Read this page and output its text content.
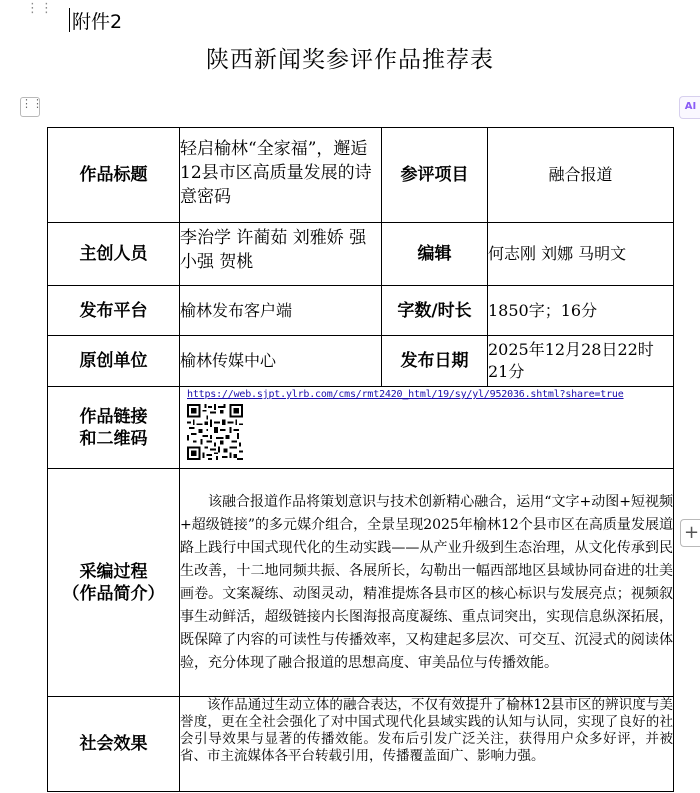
⋮⋮
附件2
陕西新闻奖参评作品推荐表
⋮⋮	AI
+
作品标题	轻启榆林“全家福”，邂逅12县市区高质量发展的诗意密码	参评项目	融合报道
主创人员	李治学 许蔺茹 刘雅娇 强小强 贺桃	编辑	何志刚 刘娜 马明文
发布平台	榆林发布客户端	字数/时长	1850字；16分
原创单位	榆林传媒中心	发布日期	2025年12月28日22时21分

作品链接
和二维码	https://web.sjpt.ylrb.com/cms/rmt2420_html/19/sy/yl/952036.shtml?share=true		

采编过程
（作品简介）	该融合报道作品将策划意识与技术创新精心融合，运用“文字+动图+短视频+超级链接”的多元媒介组合，全景呈现2025年榆林12个县市区在高质量发展道路上践行中国式现代化的生动实践——从产业升级到生态治理，从文化传承到民生改善，十二地同频共振、各展所长，勾勒出一幅西部地区县域协同奋进的壮美画卷。文案凝练、动图灵动，精准提炼各县市区的核心标识与发展亮点；视频叙事生动鲜活，超级链接内长图海报高度凝练、重点词突出，实现信息纵深拓展，既保障了内容的可读性与传播效率，又构建起多层次、可交互、沉浸式的阅读体验，充分体现了融合报道的思想高度、审美品位与传播效能。		

社会效果	该作品通过生动立体的融合表达，不仅有效提升了榆林12县市区的辨识度与美誉度，更在全社会强化了对中国式现代化县域实践的认知与认同，实现了良好的社会引导效果与显著的传播效能。发布后引发广泛关注，获得用户众多好评，并被省、市主流媒体各平台转载引用，传播覆盖面广、影响力强。		
